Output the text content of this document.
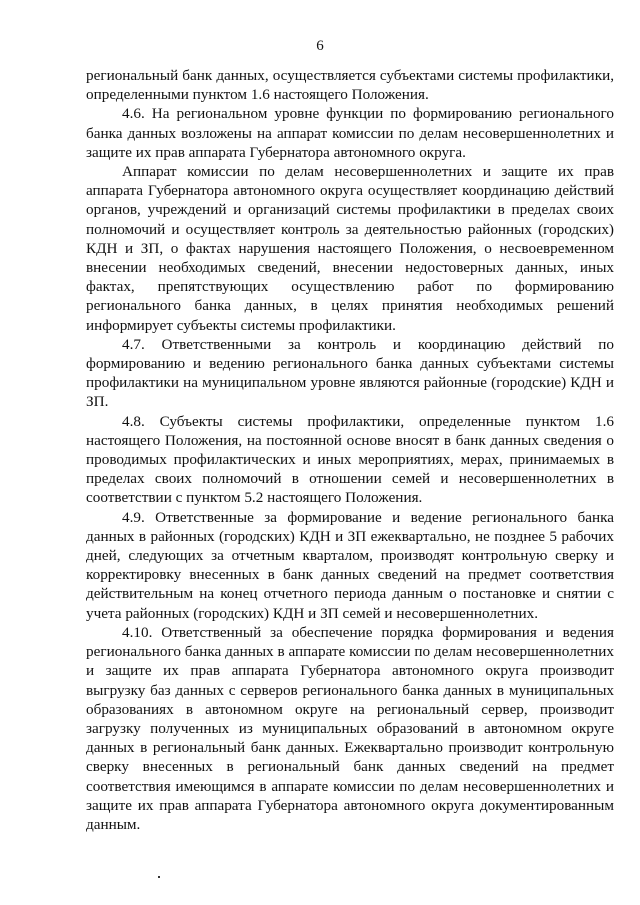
6

региональный банк данных, осуществляется субъектами системы профилактики, определенными пунктом 1.6 настоящего Положения.

4.6. На региональном уровне функции по формированию регионального банка данных возложены на аппарат комиссии по делам несовершеннолетних и защите их прав аппарата Губернатора автономного округа.

Аппарат комиссии по делам несовершеннолетних и защите их прав аппарата Губернатора автономного округа осуществляет координацию действий органов, учреждений и организаций системы профилактики в пределах своих полномочий и осуществляет контроль за деятельностью районных (городских) КДН и ЗП, о фактах нарушения настоящего Положения, о несвоевременном внесении необходимых сведений, внесении недостоверных данных, иных фактах, препятствующих осуществлению работ по формированию регионального банка данных, в целях принятия необходимых решений информирует субъекты системы профилактики.

4.7. Ответственными за контроль и координацию действий по формированию и ведению регионального банка данных субъектами системы профилактики на муниципальном уровне являются районные (городские) КДН и ЗП.

4.8. Субъекты системы профилактики, определенные пунктом 1.6 настоящего Положения, на постоянной основе вносят в банк данных сведения о проводимых профилактических и иных мероприятиях, мерах, принимаемых в пределах своих полномочий в отношении семей и несовершеннолетних в соответствии с пунктом 5.2 настоящего Положения.

4.9. Ответственные за формирование и ведение регионального банка данных в районных (городских) КДН и ЗП ежеквартально, не позднее 5 рабочих дней, следующих за отчетным кварталом, производят контрольную сверку и корректировку внесенных в банк данных сведений на предмет соответствия действительным на конец отчетного периода данным о постановке и снятии с учета районных (городских) КДН и ЗП семей и несовершеннолетних.

4.10. Ответственный за обеспечение порядка формирования и ведения регионального банка данных в аппарате комиссии по делам несовершеннолетних и защите их прав аппарата Губернатора автономного округа производит выгрузку баз данных с серверов регионального банка данных в муниципальных образованиях в автономном округе на региональный сервер, производит загрузку полученных из муниципальных образований в автономном округе данных в региональный банк данных. Ежеквартально производит контрольную сверку внесенных в региональный банк данных сведений на предмет соответствия имеющимся в аппарате комиссии по делам несовершеннолетних и защите их прав аппарата Губернатора автономного округа документированным данным.
